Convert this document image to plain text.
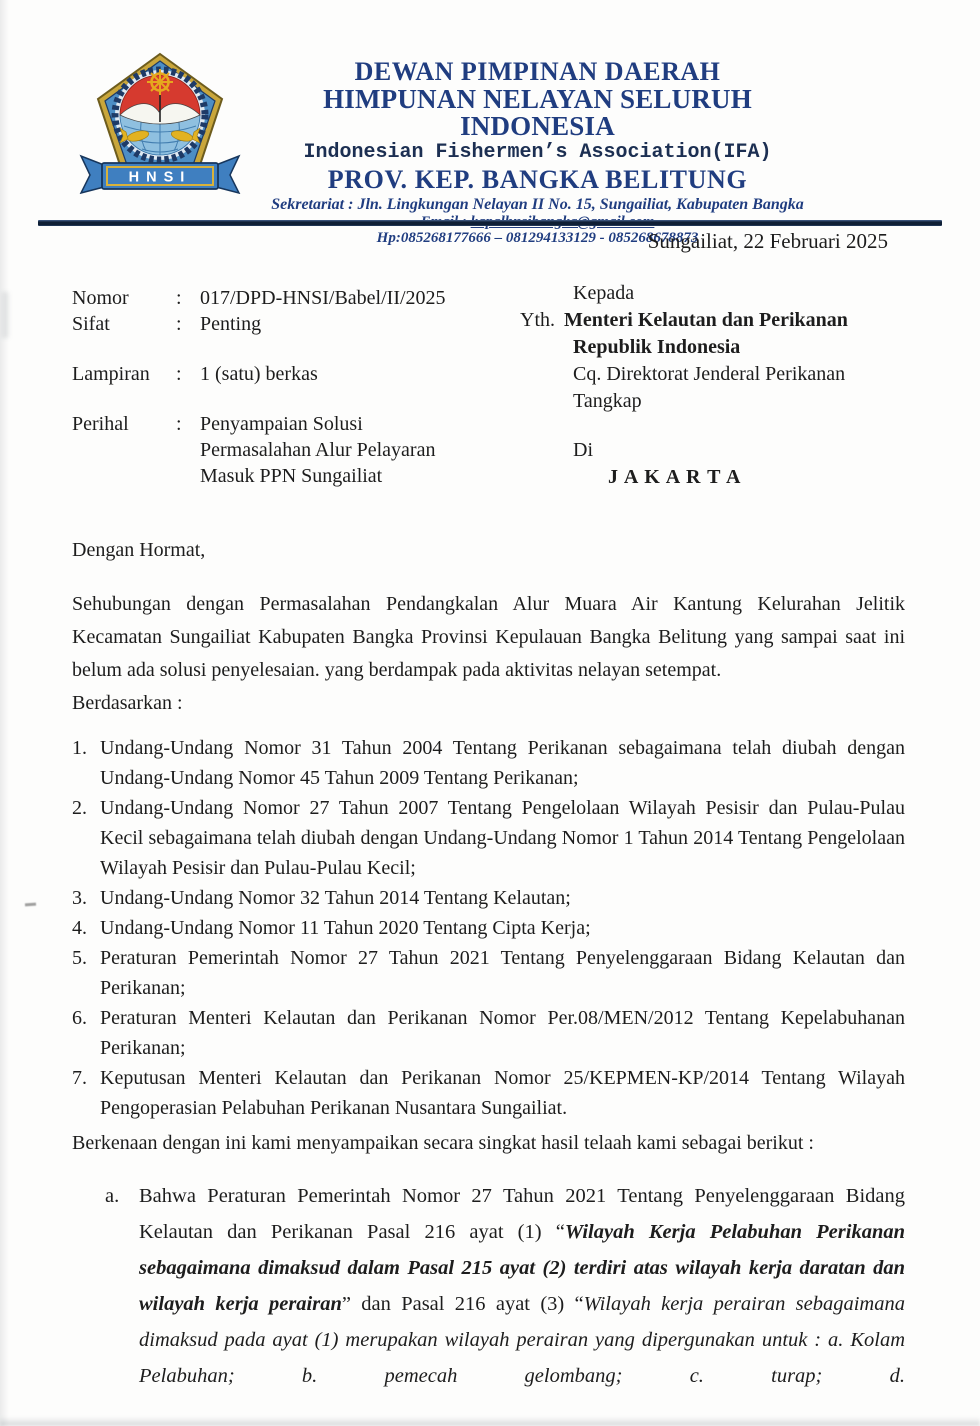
HNSI
DEWAN PIMPINAN DAERAH
HIMPUNAN NELAYAN SELURUH INDONESIA
Indonesian Fishermen’s Association(IFA)
PROV. KEP. BANGKA BELITUNG
Sekretariat : Jln. Lingkungan Nelayan II No. 15, Sungailiat, Kabupaten Bangka
Hp:085268177666 – 081294133129 - 085268678873
Sungailiat, 22 Februari 2025
Nomor	: 017/DPD-HNSI/Babel/II/2025
Sifat	: Penting
Lampiran	: 1 (satu) berkas
Perihal	: Penyampaian Solusi
Permasalahan Alur Pelayaran
Masuk PPN Sungailiat
Kepada
Yth. Menteri Kelautan dan Perikanan
Republik Indonesia
Cq. Direktorat Jenderal Perikanan
Tangkap
Di
J A K A R T A
Dengan Hormat,

Sehubungan dengan Permasalahan Pendangkalan Alur Muara Air Kantung Kelurahan Jelitik Kecamatan Sungailiat Kabupaten Bangka Provinsi Kepulauan Bangka Belitung yang sampai saat ini belum ada solusi penyelesaian. yang berdampak pada aktivitas nelayan setempat.

Berdasarkan :
1. Undang-Undang Nomor 31 Tahun 2004 Tentang Perikanan sebagaimana telah diubah dengan Undang-Undang Nomor 45 Tahun 2009 Tentang Perikanan;
2. Undang-Undang Nomor 27 Tahun 2007 Tentang Pengelolaan Wilayah Pesisir dan Pulau-Pulau Kecil sebagaimana telah diubah dengan Undang-Undang Nomor 1 Tahun 2014 Tentang Pengelolaan Wilayah Pesisir dan Pulau-Pulau Kecil;
3. Undang-Undang Nomor 32 Tahun 2014 Tentang Kelautan;
4. Undang-Undang Nomor 11 Tahun 2020 Tentang Cipta Kerja;
5. Peraturan Pemerintah Nomor 27 Tahun 2021 Tentang Penyelenggaraan Bidang Kelautan dan Perikanan;
6. Peraturan Menteri Kelautan dan Perikanan Nomor Per.08/MEN/2012 Tentang Kepelabuhanan Perikanan;
7. Keputusan Menteri Kelautan dan Perikanan Nomor 25/KEPMEN-KP/2014 Tentang Wilayah Pengoperasian Pelabuhan Perikanan Nusantara Sungailiat.
Berkenaan dengan ini kami menyampaikan secara singkat hasil telaah kami sebagai berikut :
a. Bahwa Peraturan Pemerintah Nomor 27 Tahun 2021 Tentang Penyelenggaraan Bidang Kelautan dan Perikanan Pasal 216 ayat (1) “Wilayah Kerja Pelabuhan Perikanan sebagaimana dimaksud dalam Pasal 215 ayat (2) terdiri atas wilayah kerja daratan dan wilayah kerja perairan” dan Pasal 216 ayat (3) “Wilayah kerja perairan sebagaimana dimaksud pada ayat (1) merupakan wilayah perairan yang dipergunakan untuk : a. Kolam Pelabuhan; b. pemecah gelombang; c. turap; d.
